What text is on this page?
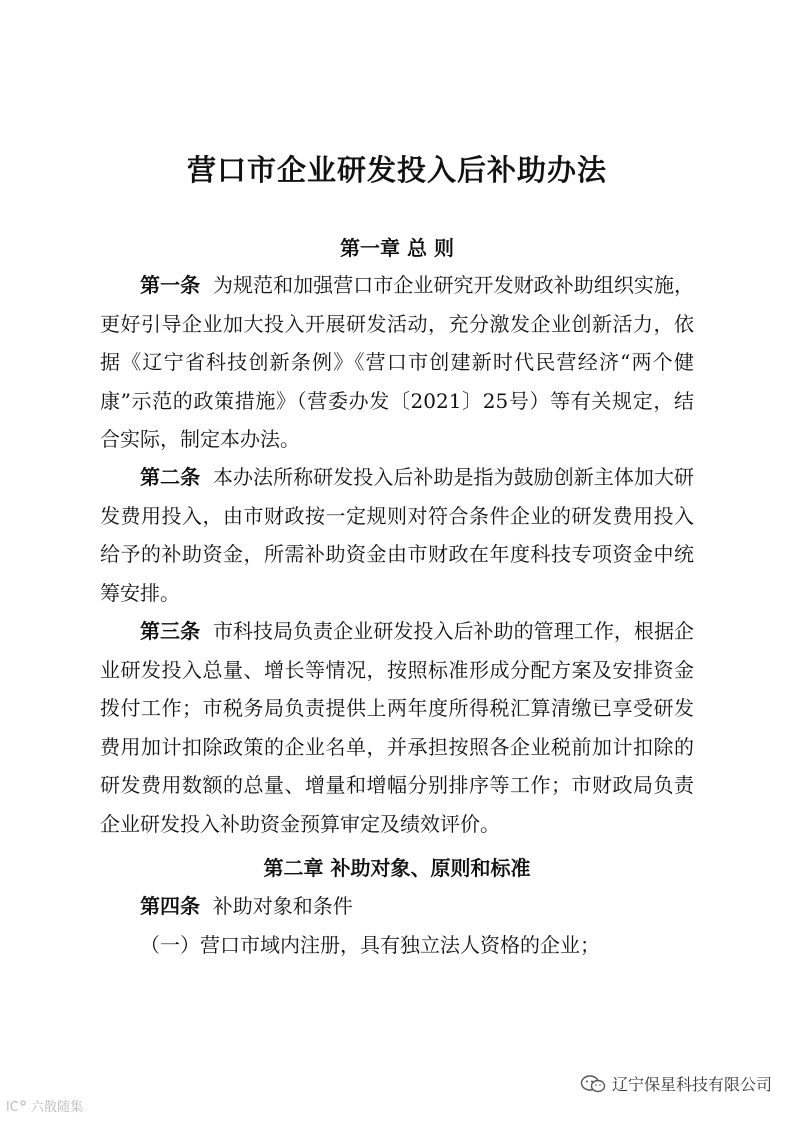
营口市企业研发投入后补助办法
第一章 总 则

第一条 为规范和加强营口市企业研究开发财政补助组织实施，更好引导企业加大投入开展研发活动，充分激发企业创新活力，依据《辽宁省科技创新条例》《营口市创建新时代民营经济“两个健康”示范的政策措施》（营委办发〔2021〕25号）等有关规定，结合实际，制定本办法。

第二条 本办法所称研发投入后补助是指为鼓励创新主体加大研发费用投入，由市财政按一定规则对符合条件企业的研发费用投入给予的补助资金，所需补助资金由市财政在年度科技专项资金中统筹安排。

第三条 市科技局负责企业研发投入后补助的管理工作，根据企业研发投入总量、增长等情况，按照标准形成分配方案及安排资金拨付工作；市税务局负责提供上两年度所得税汇算清缴已享受研发费用加计扣除政策的企业名单，并承担按照各企业税前加计扣除的研发费用数额的总量、增量和增幅分别排序等工作；市财政局负责企业研发投入补助资金预算审定及绩效评价。

第二章 补助对象、原则和标准
第四条 补助对象和条件
（一）营口市域内注册，具有独立法人资格的企业；
lC 六散随集
辽宁保星科技有限公司
